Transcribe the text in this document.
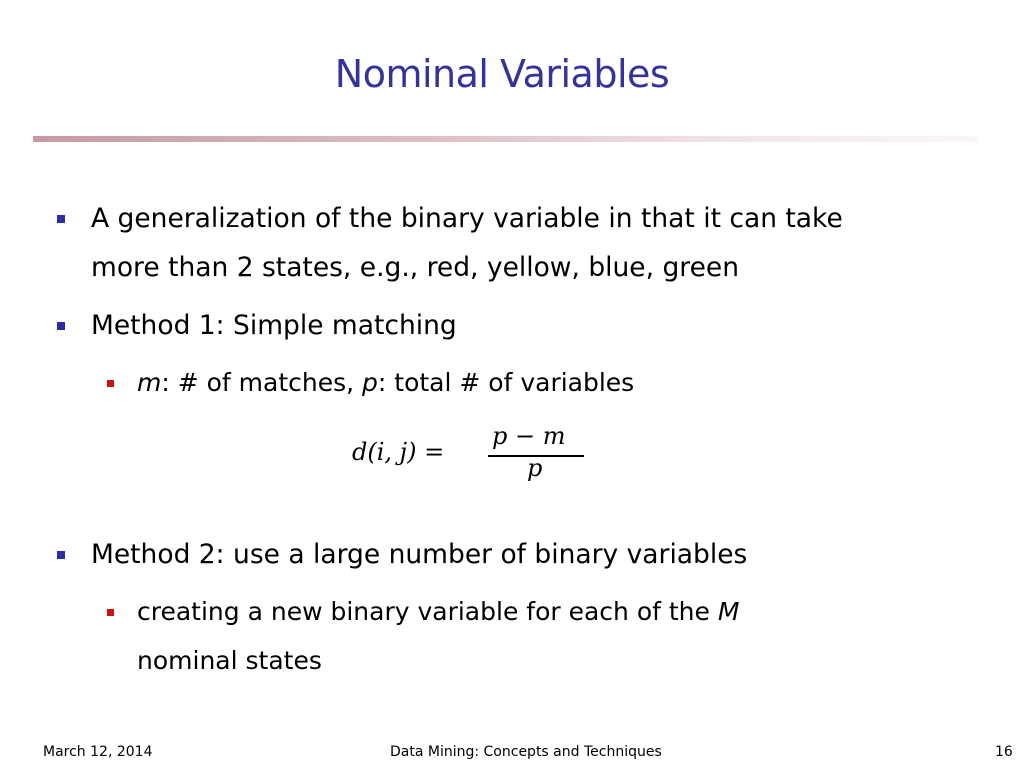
Nominal Variables
A generalization of the binary variable in that it can take
more than 2 states, e.g., red, yellow, blue, green
Method 1: Simple matching
m: # of matches, p: total # of variables
d(i, j) =
p − m
p
Method 2: use a large number of binary variables
creating a new binary variable for each of the M
nominal states
March 12, 2014	Data Mining: Concepts and Techniques	16
